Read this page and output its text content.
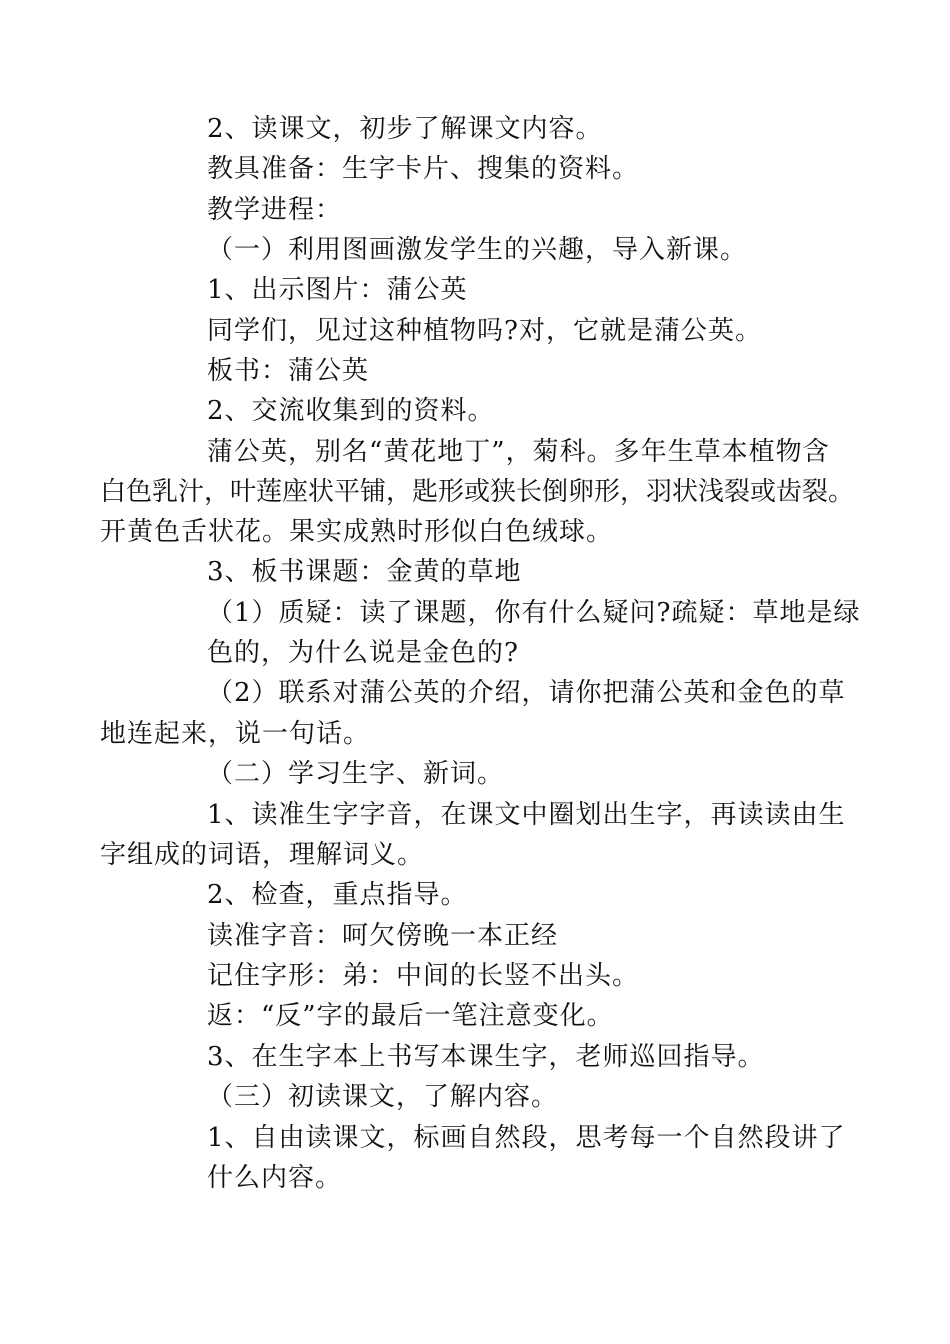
2、读课文，初步了解课文内容。
教具准备：生字卡片、搜集的资料。
教学进程：
（一）利用图画激发学生的兴趣，导入新课。
1、出示图片：蒲公英
同学们，见过这种植物吗?对，它就是蒲公英。
板书：蒲公英
2、交流收集到的资料。
蒲公英，别名“黄花地丁”，菊科。多年生草本植物含
白色乳汁，叶莲座状平铺，匙形或狭长倒卵形，羽状浅裂或齿裂。
开黄色舌状花。果实成熟时形似白色绒球。
3、板书课题：金黄的草地
（1）质疑：读了课题，你有什么疑问?疏疑：草地是绿
色的，为什么说是金色的?
（2）联系对蒲公英的介绍，请你把蒲公英和金色的草
地连起来，说一句话。
（二）学习生字、新词。
1、读准生字字音，在课文中圈划出生字，再读读由生
字组成的词语，理解词义。
2、检查，重点指导。
读准字音：呵欠傍晚一本正经
记住字形：弟：中间的长竖不出头。
返：“反”字的最后一笔注意变化。
3、在生字本上书写本课生字，老师巡回指导。
（三）初读课文，了解内容。
1、自由读课文，标画自然段，思考每一个自然段讲了
什么内容。
